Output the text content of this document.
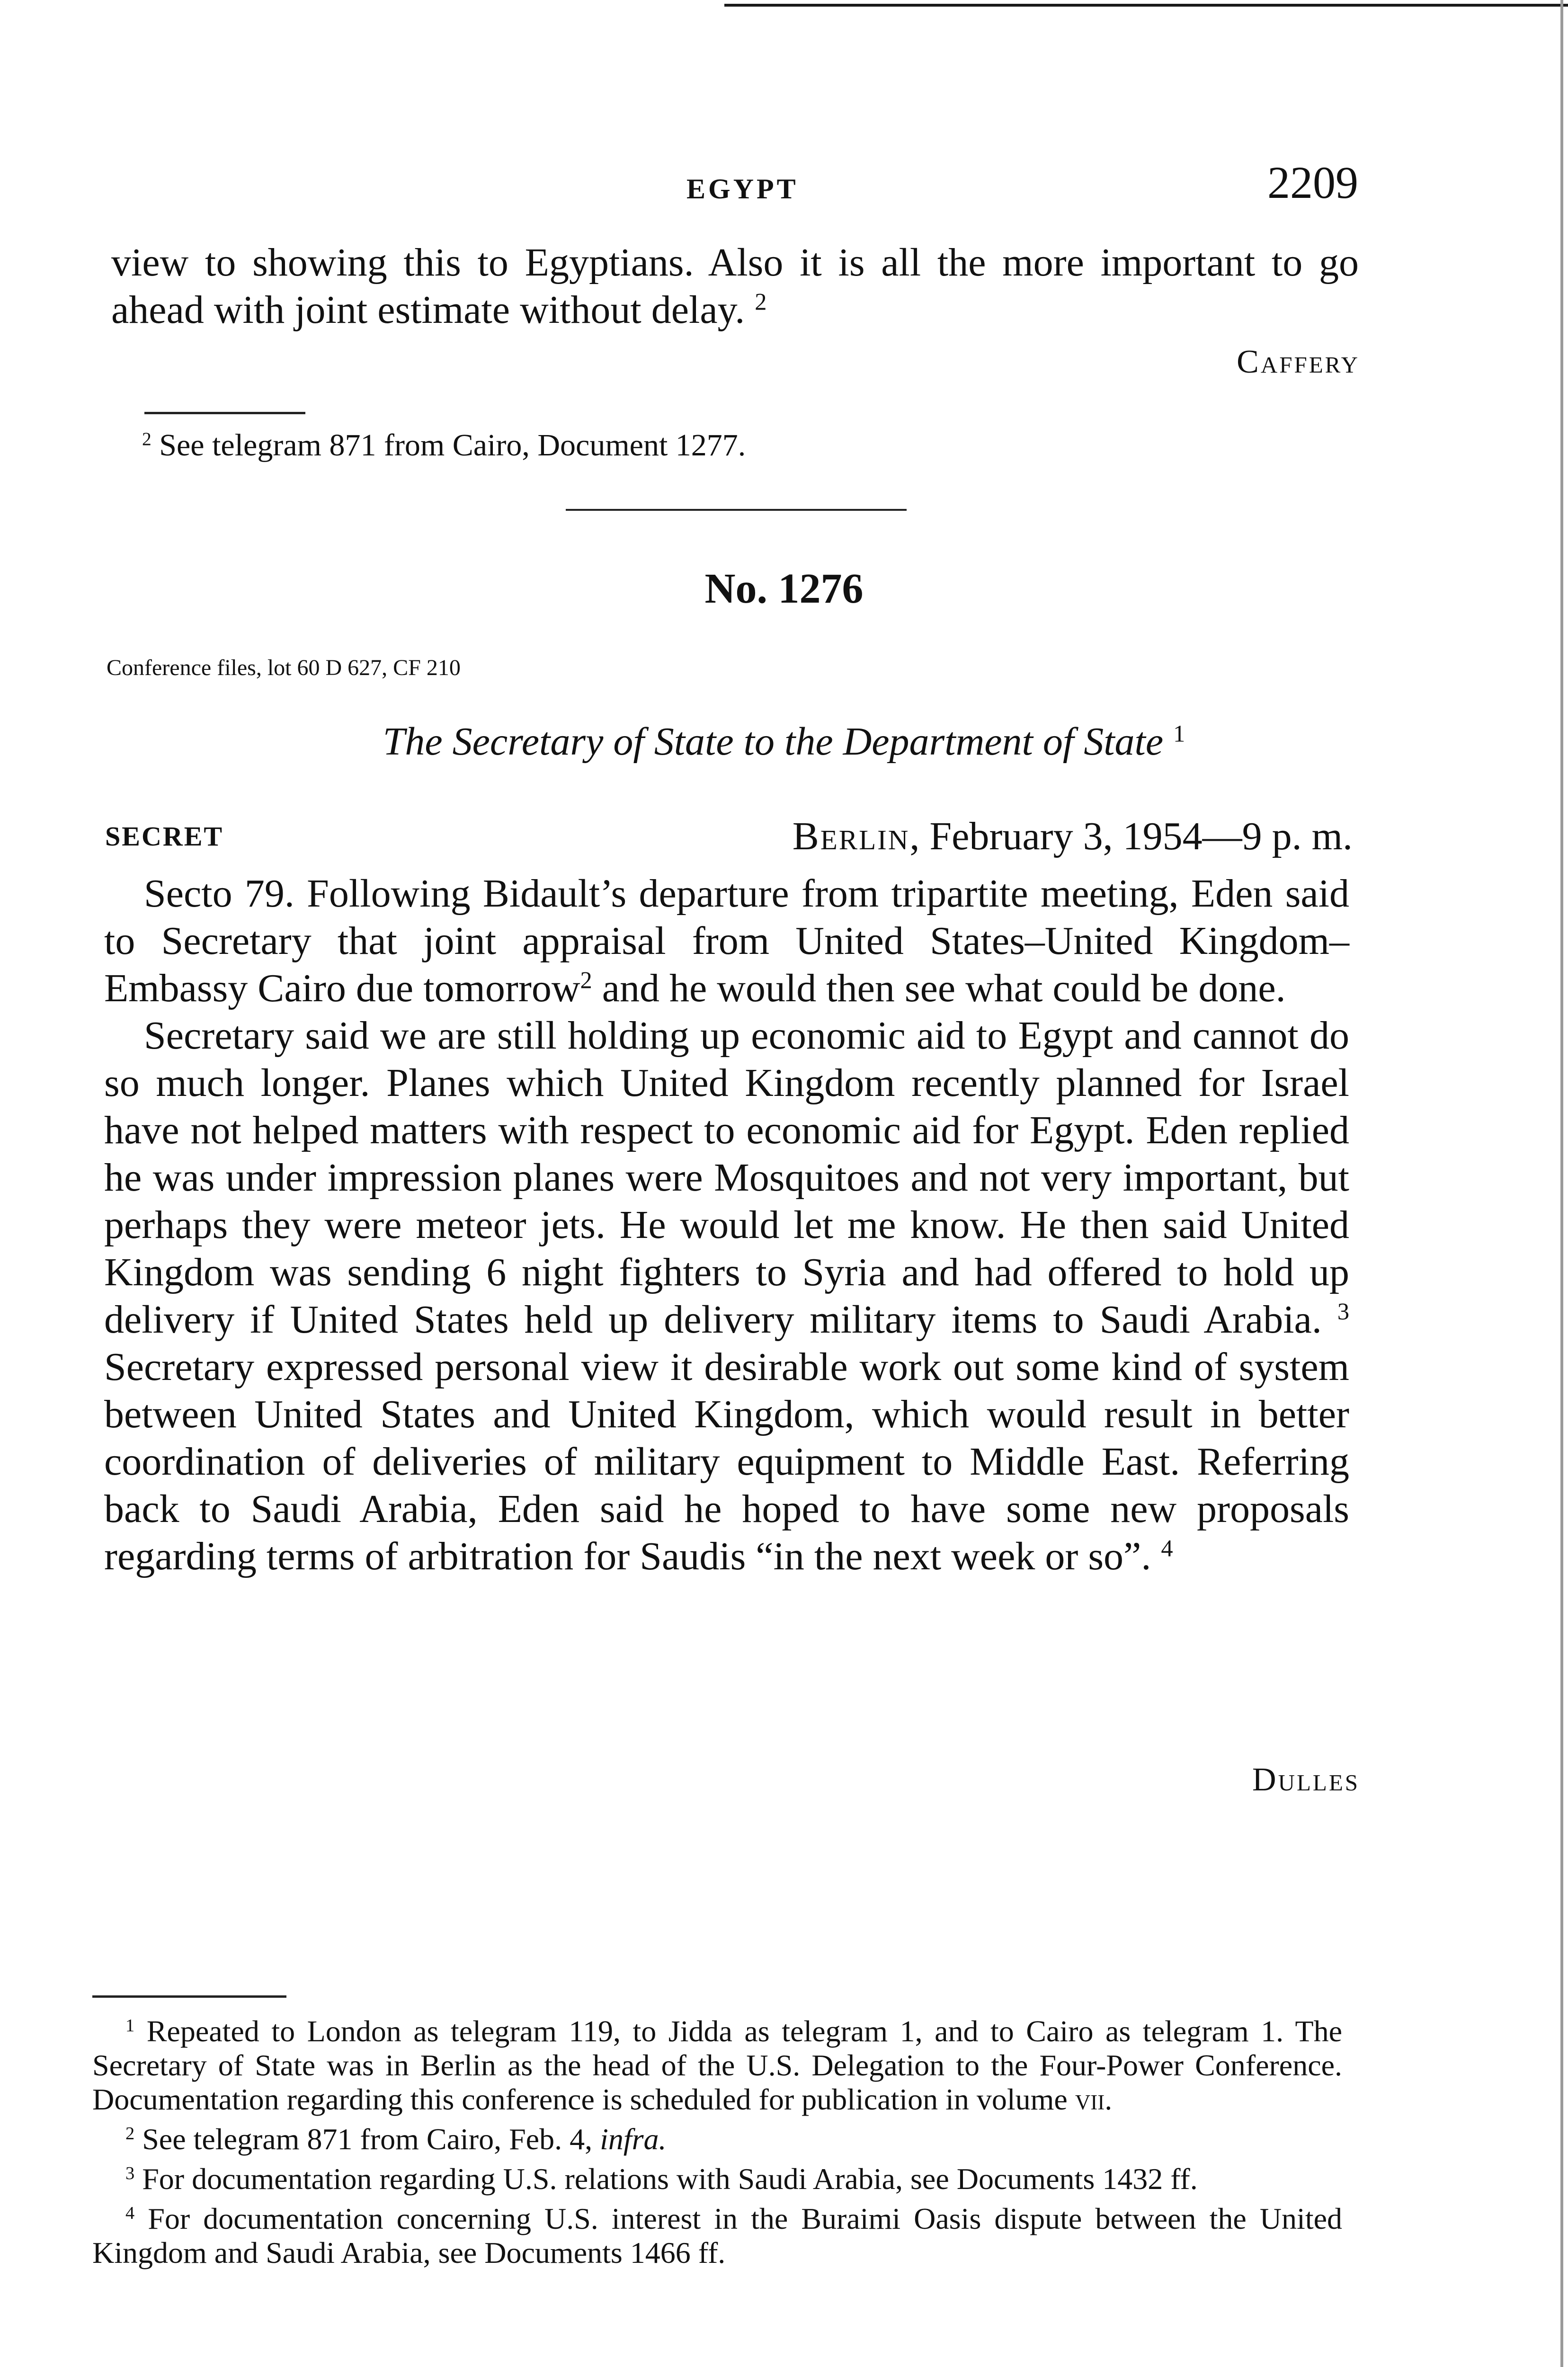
EGYPT	2209

view to showing this to Egyptians. Also it is all the more important to go ahead with joint estimate without delay. $^2$

Caffery

$^2$ See telegram 871 from Cairo, Document 1277.

No. 1276
Conference files, lot 60 D 627, CF 210
The Secretary of State to the Department of State $^1$
SECRET	Berlin, February 3, 1954—9 p. m.

Secto 79. Following Bidault’s departure from tripartite meeting, Eden said to Secretary that joint appraisal from United States–United Kingdom–Embassy Cairo due tomorrow$^2$ and he would then see what could be done.

Secretary said we are still holding up economic aid to Egypt and cannot do so much longer. Planes which United Kingdom recently planned for Israel have not helped matters with respect to economic aid for Egypt. Eden replied he was under impression planes were Mosquitoes and not very important, but perhaps they were meteor jets. He would let me know. He then said United Kingdom was sending 6 night fighters to Syria and had offered to hold up delivery if United States held up delivery military items to Saudi Arabia. $^3$ Secretary expressed personal view it desirable work out some kind of system between United States and United Kingdom, which would result in better coordination of deliveries of military equipment to Middle East. Referring back to Saudi Arabia, Eden said he hoped to have some new proposals regarding terms of arbitration for Saudis “in the next week or so”. $^4$

Dulles

$^1$ Repeated to London as telegram 119, to Jidda as telegram 1, and to Cairo as telegram 1. The Secretary of State was in Berlin as the head of the U.S. Delegation to the Four-Power Conference. Documentation regarding this conference is scheduled for publication in volume vii.

$^2$ See telegram 871 from Cairo, Feb. 4, infra.

$^3$ For documentation regarding U.S. relations with Saudi Arabia, see Documents 1432 ff.

$^4$ For documentation concerning U.S. interest in the Buraimi Oasis dispute between the United Kingdom and Saudi Arabia, see Documents 1466 ff.
